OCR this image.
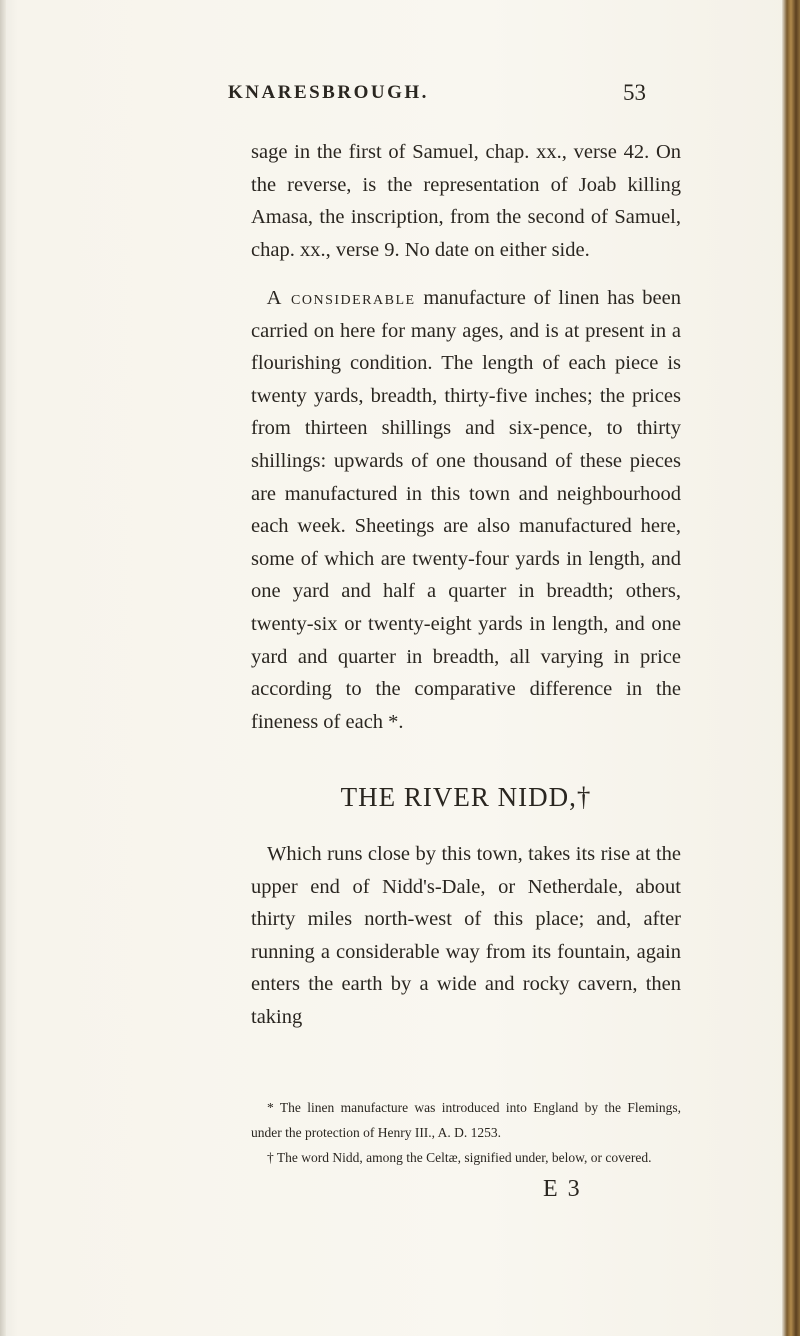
KNARESBROUGH.	53

sage in the first of Samuel, chap. xx., verse 42. On the reverse, is the representation of Joab killing Amasa, the inscription, from the second of Samuel, chap. xx., verse 9. No date on either side.

A considerable manufacture of linen has been carried on here for many ages, and is at present in a flourishing condition. The length of each piece is twenty yards, breadth, thirty-five inches; the prices from thirteen shillings and six-pence, to thirty shillings: upwards of one thousand of these pieces are manufactured in this town and neighbourhood each week. Sheetings are also manufactured here, some of which are twenty-four yards in length, and one yard and half a quarter in breadth; others, twenty-six or twenty-eight yards in length, and one yard and quarter in breadth, all varying in price according to the comparative difference in the fineness of each *.

THE RIVER NIDD,†

Which runs close by this town, takes its rise at the upper end of Nidd's-Dale, or Netherdale, about thirty miles north-west of this place; and, after running a considerable way from its fountain, again enters the earth by a wide and rocky cavern, then taking

* The linen manufacture was introduced into England by the Flemings, under the protection of Henry III., A. D. 1253.

† The word Nidd, among the Celtæ, signified under, below, or covered.

E 3
